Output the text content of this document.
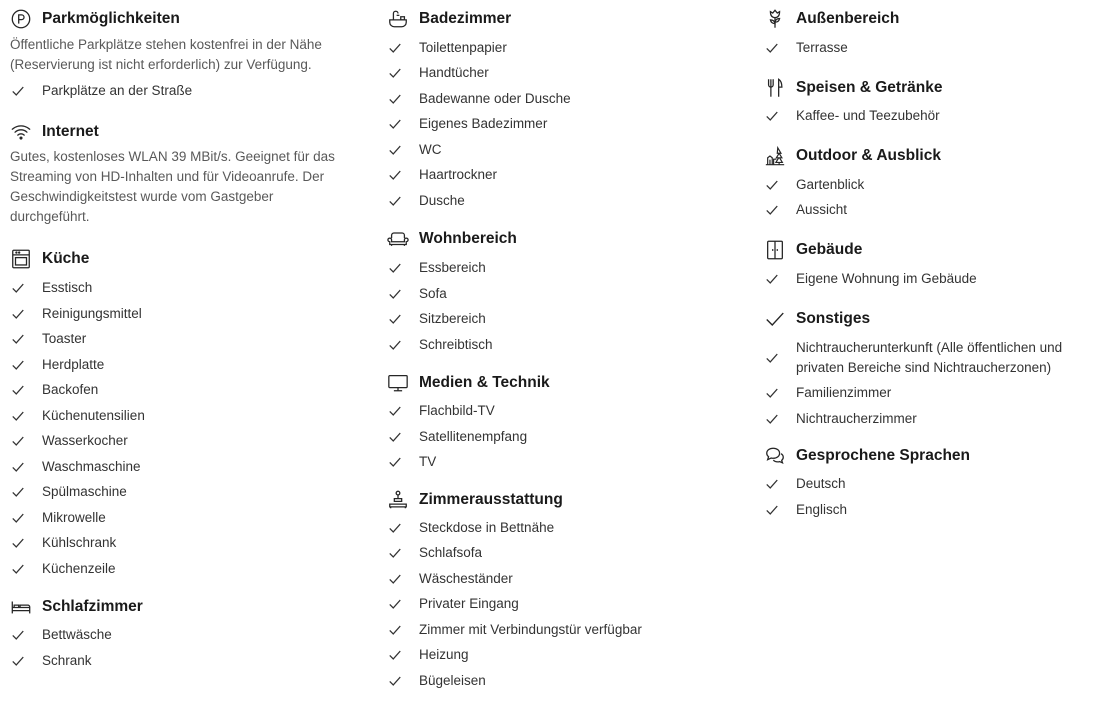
Parkmöglichkeiten
Öffentliche Parkplätze stehen kostenfrei in der Nähe (Reservierung ist nicht erforderlich) zur Verfügung.
Parkplätze an der Straße
Internet
Gutes, kostenloses WLAN 39 MBit/s. Geeignet für das Streaming von HD-Inhalten und für Videoanrufe. Der Geschwindigkeitstest wurde vom Gastgeber durchgeführt.
Küche
Esstisch
Reinigungsmittel
Toaster
Herdplatte
Backofen
Küchenutensilien
Wasserkocher
Waschmaschine
Spülmaschine
Mikrowelle
Kühlschrank
Küchenzeile
Schlafzimmer
Bettwäsche
Schrank
Badezimmer
Toilettenpapier
Handtücher
Badewanne oder Dusche
Eigenes Badezimmer
WC
Haartrockner
Dusche
Wohnbereich
Essbereich
Sofa
Sitzbereich
Schreibtisch
Medien & Technik
Flachbild-TV
Satellitenempfang
TV
Zimmerausstattung
Steckdose in Bettnähe
Schlafsofa
Wäscheständer
Privater Eingang
Zimmer mit Verbindungstür verfügbar
Heizung
Bügeleisen
Außenbereich
Terrasse
Speisen & Getränke
Kaffee- und Teezubehör
Outdoor & Ausblick
Gartenblick
Aussicht
Gebäude
Eigene Wohnung im Gebäude
Sonstiges
Nichtraucherunterkunft (Alle öffentlichen und privaten Bereiche sind Nichtraucherzonen)
Familienzimmer
Nichtraucherzimmer
Gesprochene Sprachen
Deutsch
Englisch
